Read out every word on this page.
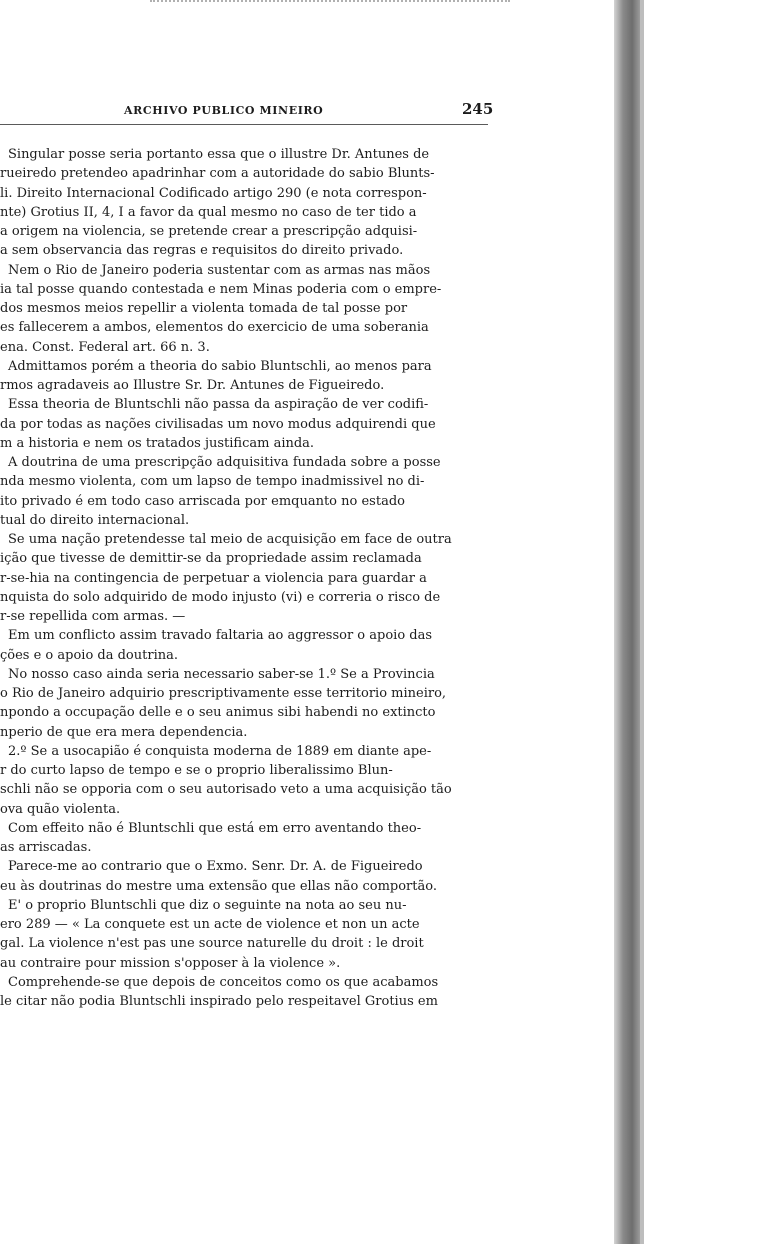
ARCHIVO PUBLICO MINEIRO	245
Singular posse seria portanto essa que o illustre Dr. Antunes de
rueiredo pretendeo apadrinhar com a autoridade do sabio Blunts-
li. Direito Internacional Codificado artigo 290 (e nota correspon-
nte) Grotius II, 4, I a favor da qual mesmo no caso de ter tido a
a origem na violencia, se pretende crear a prescripção adquisi-
a sem observancia das regras e requisitos do direito privado.
Nem o Rio de Janeiro poderia sustentar com as armas nas mãos
ia tal posse quando contestada e nem Minas poderia com o empre-
dos mesmos meios repellir a violenta tomada de tal posse por
es fallecerem a ambos, elementos do exercicio de uma soberania
ena. Const. Federal art. 66 n. 3.
Admittamos porém a theoria do sabio Bluntschli, ao menos para
rmos agradaveis ao Illustre Sr. Dr. Antunes de Figueiredo.
Essa theoria de Bluntschli não passa da aspiração de ver codifi-
da por todas as nações civilisadas um novo modus adquirendi que
m a historia e nem os tratados justificam ainda.
A doutrina de uma prescripção adquisitiva fundada sobre a posse
nda mesmo violenta, com um lapso de tempo inadmissivel no di-
ito privado é em todo caso arriscada por emquanto no estado
tual do direito internacional.
Se uma nação pretendesse tal meio de acquisição em face de outra
ição que tivesse de demittir-se da propriedade assim reclamada
r-se-hia na contingencia de perpetuar a violencia para guardar a
nquista do solo adquirido de modo injusto (vi) e correria o risco de
r-se repellida com armas. —
Em um conflicto assim travado faltaria ao aggressor o apoio das
ções e o apoio da doutrina.
No nosso caso ainda seria necessario saber-se 1.º Se a Provincia
o Rio de Janeiro adquirio prescriptivamente esse territorio mineiro,
npondo a occupação delle e o seu animus sibi habendi no extincto
nperio de que era mera dependencia.
2.º Se a usocapião é conquista moderna de 1889 em diante ape-
r do curto lapso de tempo e se o proprio liberalissimo Blun-
schli não se opporia com o seu autorisado veto a uma acquisição tão
ova quão violenta.
Com effeito não é Bluntschli que está em erro aventando theo-
as arriscadas.
Parece-me ao contrario que o Exmo. Senr. Dr. A. de Figueiredo
eu às doutrinas do mestre uma extensão que ellas não comportão.
E' o proprio Bluntschli que diz o seguinte na nota ao seu nu-
ero 289 — « La conquete est un acte de violence et non un acte
gal. La violence n'est pas une source naturelle du droit : le droit
au contraire pour mission s'opposer à la violence ».
Comprehende-se que depois de conceitos como os que acabamos
le citar não podia Bluntschli inspirado pelo respeitavel Grotius em
